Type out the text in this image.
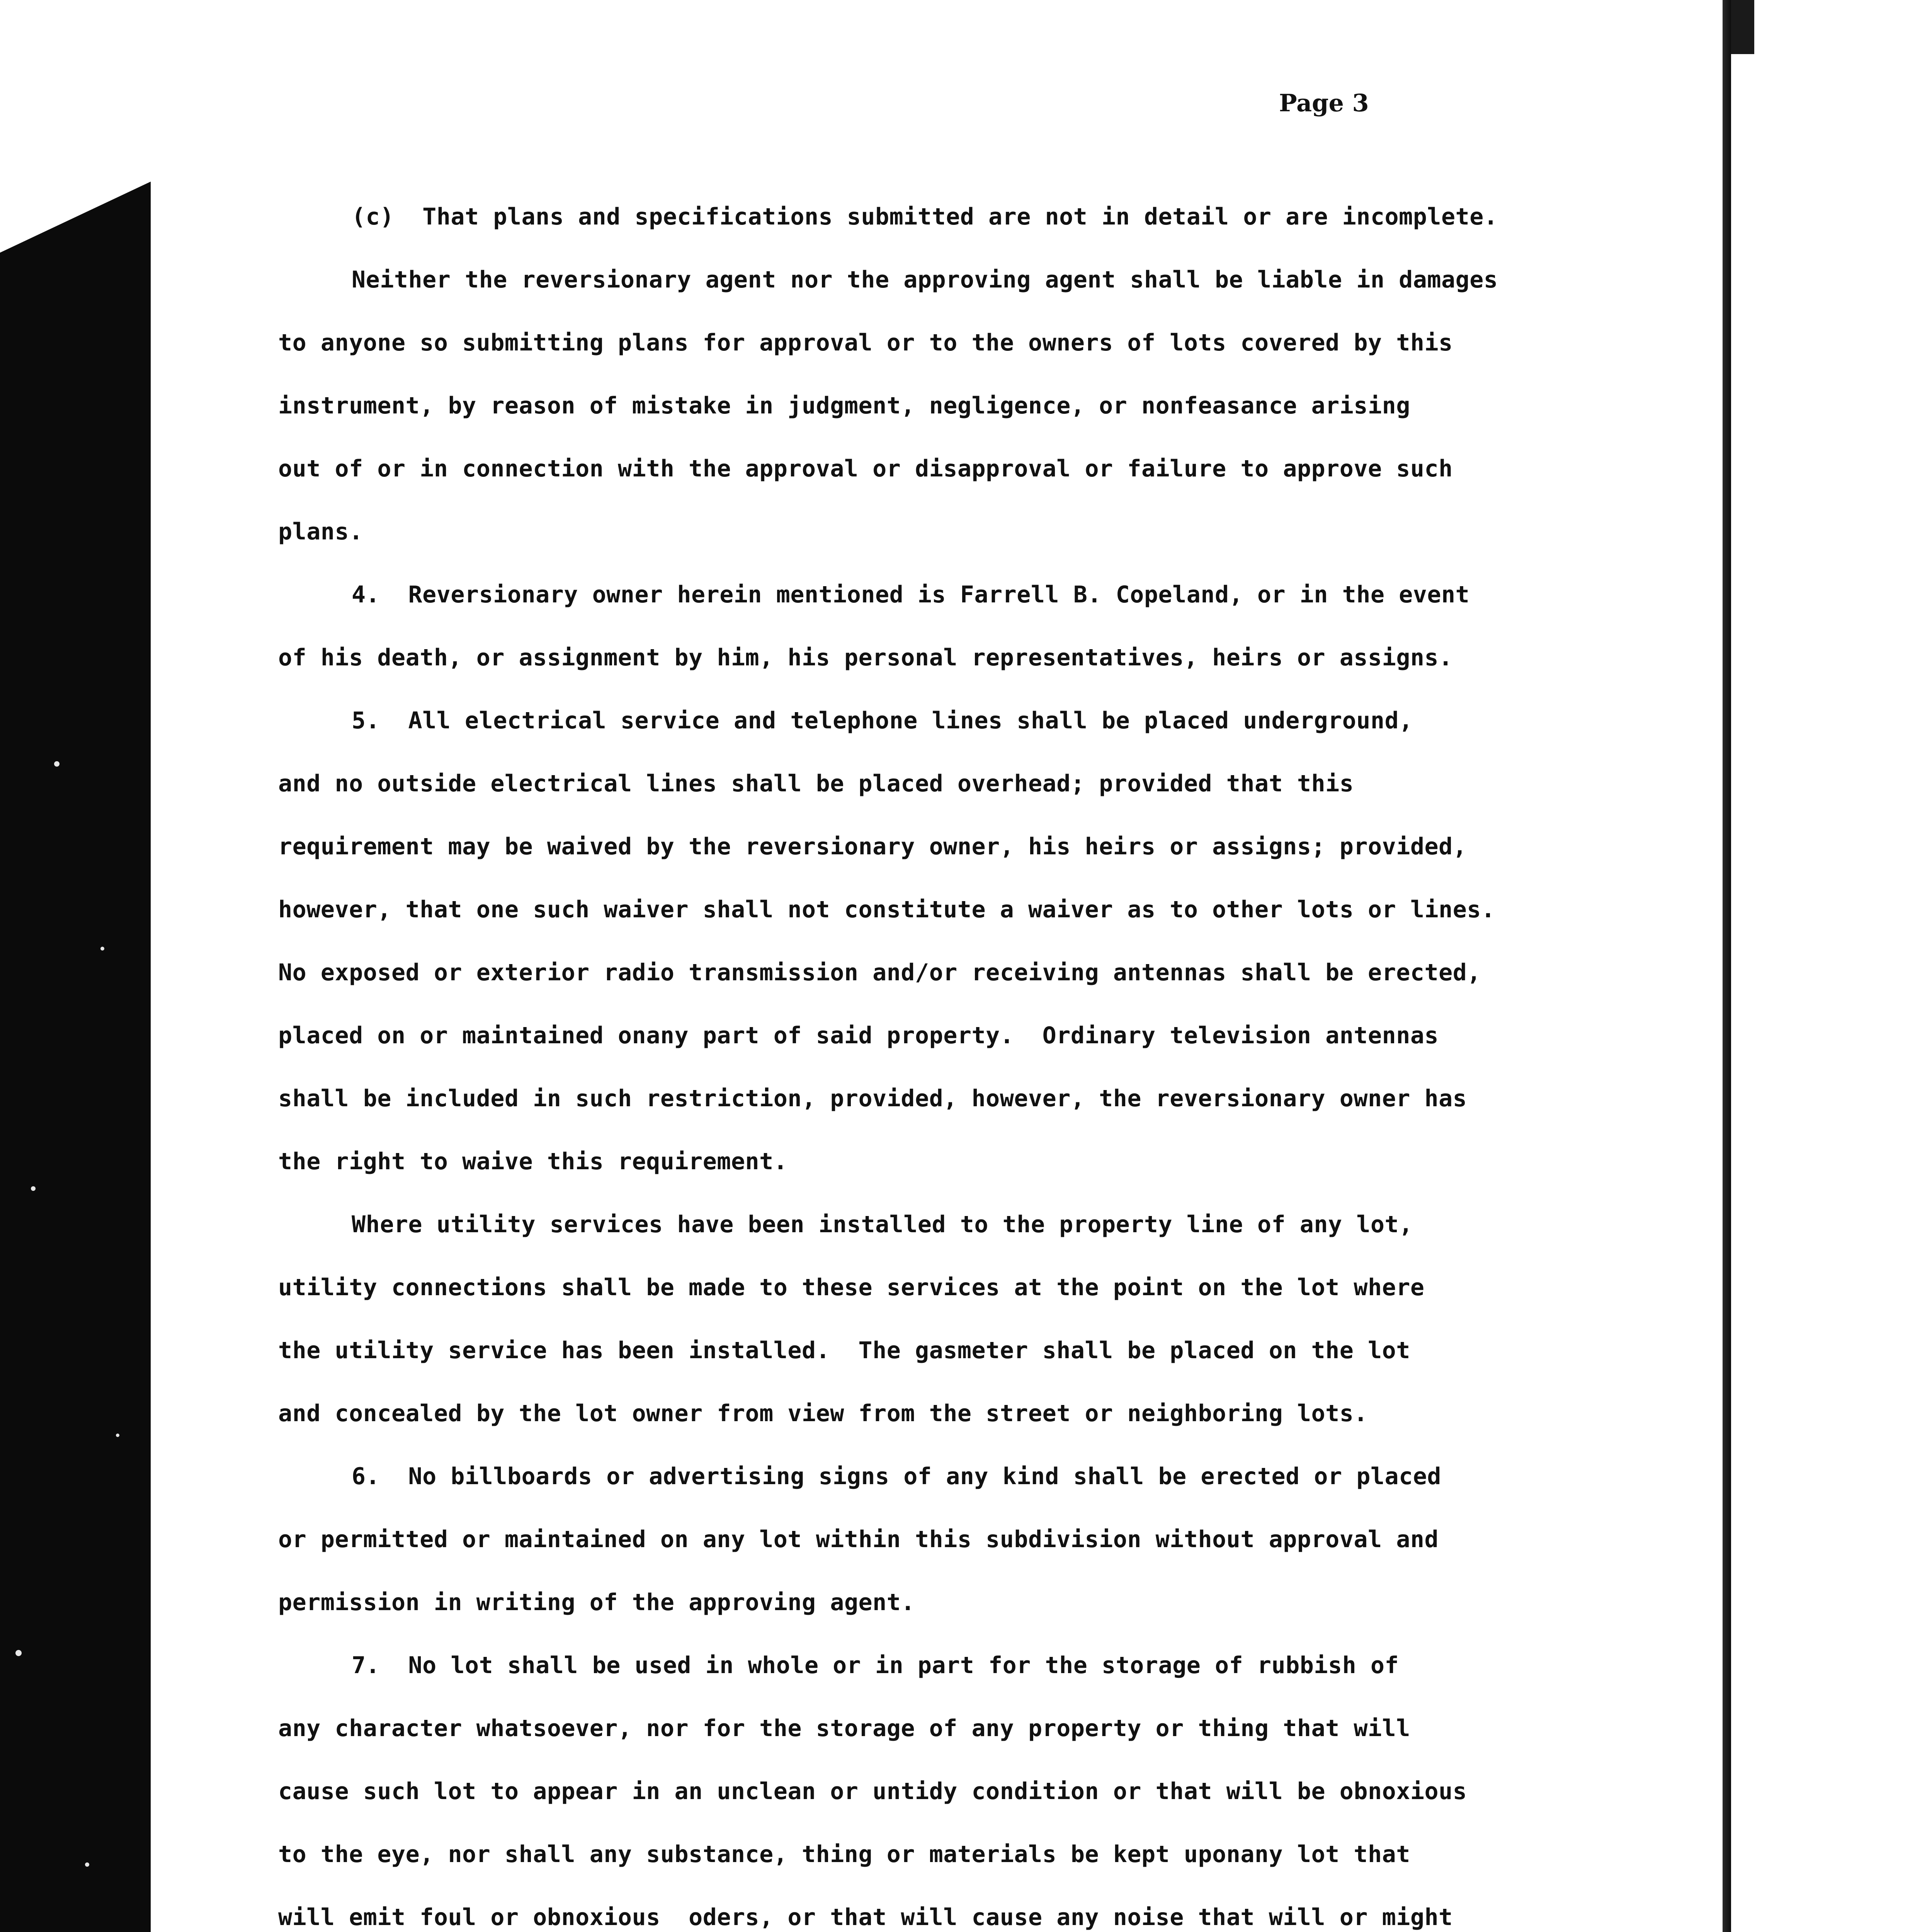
Page 3
(c)  That plans and specifications submitted are not in detail or are incomplete.
Neither the reversionary agent nor the approving agent shall be liable in damages
to anyone so submitting plans for approval or to the owners of lots covered by this
instrument, by reason of mistake in judgment, negligence, or nonfeasance arising
out of or in connection with the approval or disapproval or failure to approve such
plans.
4.  Reversionary owner herein mentioned is Farrell B. Copeland, or in the event
of his death, or assignment by him, his personal representatives, heirs or assigns.
5.  All electrical service and telephone lines shall be placed underground,
and no outside electrical lines shall be placed overhead; provided that this
requirement may be waived by the reversionary owner, his heirs or assigns; provided,
however, that one such waiver shall not constitute a waiver as to other lots or lines.
No exposed or exterior radio transmission and/or receiving antennas shall be erected,
placed on or maintained onany part of said property.  Ordinary television antennas
shall be included in such restriction, provided, however, the reversionary owner has
the right to waive this requirement.
Where utility services have been installed to the property line of any lot,
utility connections shall be made to these services at the point on the lot where
the utility service has been installed.  The gasmeter shall be placed on the lot
and concealed by the lot owner from view from the street or neighboring lots.
6.  No billboards or advertising signs of any kind shall be erected or placed
or permitted or maintained on any lot within this subdivision without approval and
permission in writing of the approving agent.
7.  No lot shall be used in whole or in part for the storage of rubbish of
any character whatsoever, nor for the storage of any property or thing that will
cause such lot to appear in an unclean or untidy condition or that will be obnoxious
to the eye, nor shall any substance, thing or materials be kept uponany lot that
will emit foul or obnoxious  oders, or that will cause any noise that will or might
